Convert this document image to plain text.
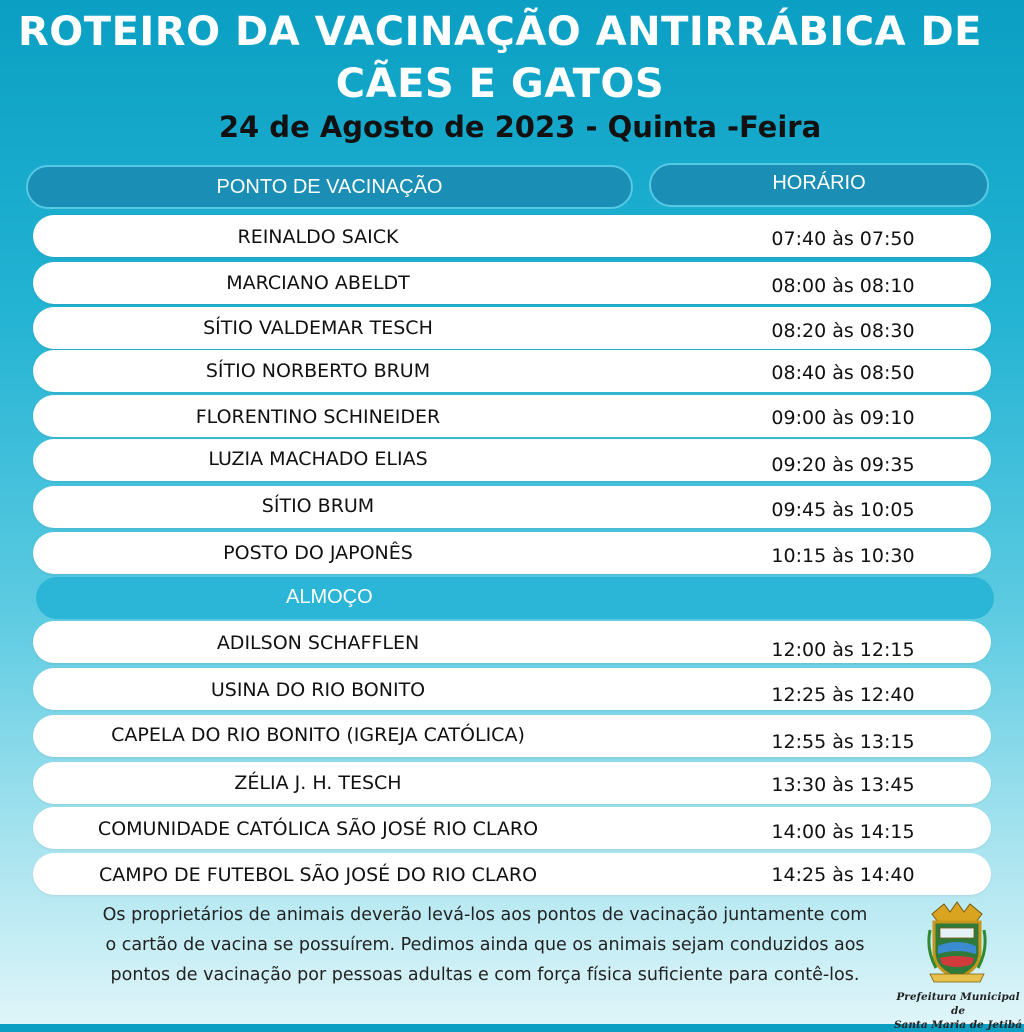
ROTEIRO DA VACINAÇÃO ANTIRRÁBICA DE
CÃES E GATOS
24 de Agosto de 2023 - Quinta -Feira
PONTO DE VACINAÇÃO	HORÁRIO
REINALDO SAICK	07:40 às 07:50
MARCIANO ABELDT	08:00 às 08:10
SÍTIO VALDEMAR TESCH	08:20 às 08:30
SÍTIO NORBERTO BRUM	08:40 às 08:50
FLORENTINO SCHINEIDER	09:00 às 09:10
LUZIA MACHADO ELIAS	09:20 às 09:35
SÍTIO BRUM	09:45 às 10:05
POSTO DO JAPONÊS	10:15 às 10:30
ALMOÇO
ADILSON SCHAFFLEN	12:00 às 12:15
USINA DO RIO BONITO	12:25 às 12:40
CAPELA DO RIO BONITO (IGREJA CATÓLICA)	12:55 às 13:15
ZÉLIA J. H. TESCH	13:30 às 13:45
COMUNIDADE CATÓLICA SÃO JOSÉ RIO CLARO	14:00 às 14:15
CAMPO DE FUTEBOL SÃO JOSÉ DO RIO CLARO	14:25 às 14:40
Os proprietários de animais deverão levá-los aos pontos de vacinação juntamente com
o cartão de vacina se possuírem. Pedimos ainda que os animais sejam conduzidos aos
pontos de vacinação por pessoas adultas e com força física suficiente para contê-los.
Prefeitura Municipal de
Santa Maria de Jetibá
